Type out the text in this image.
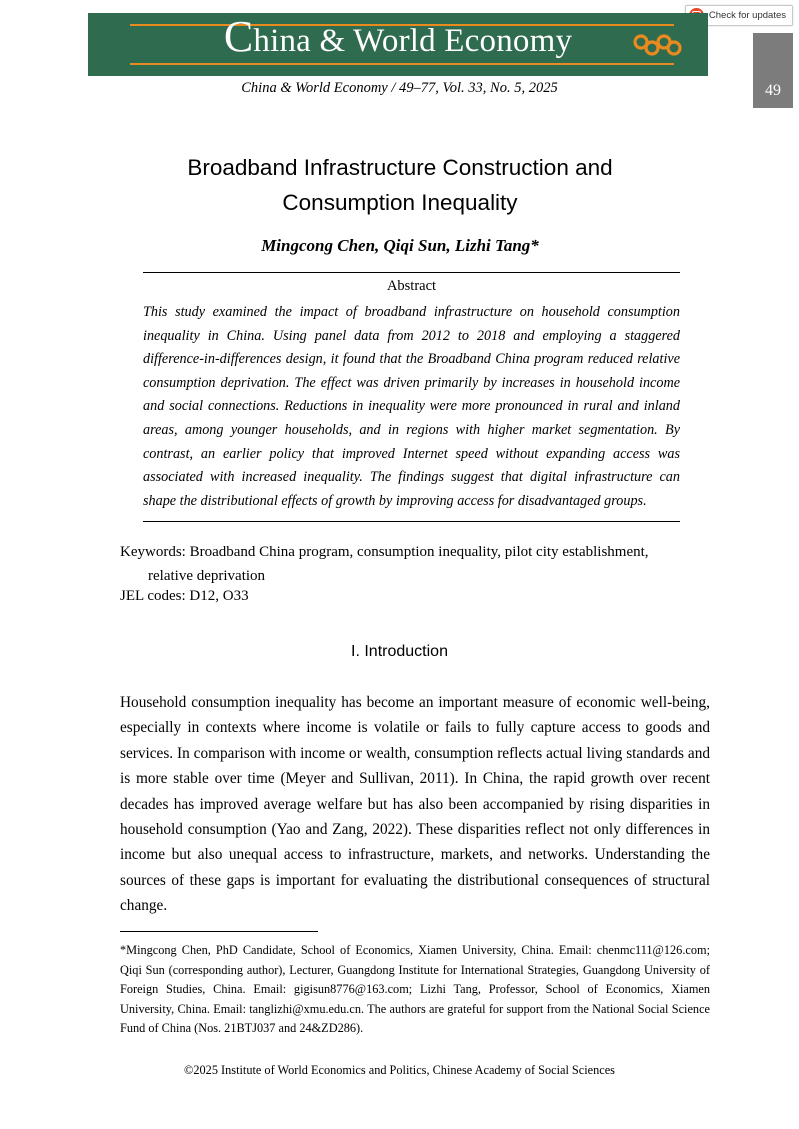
Check for updates
China & World Economy
49
China & World Economy / 49–77, Vol. 33, No. 5, 2025
Broadband Infrastructure Construction and
Consumption Inequality
Mingcong Chen, Qiqi Sun, Lizhi Tang*
Abstract

This study examined the impact of broadband infrastructure on household consumption inequality in China. Using panel data from 2012 to 2018 and employing a staggered difference-in-differences design, it found that the Broadband China program reduced relative consumption deprivation. The effect was driven primarily by increases in household income and social connections. Reductions in inequality were more pronounced in rural and inland areas, among younger households, and in regions with higher market segmentation. By contrast, an earlier policy that improved Internet speed without expanding access was associated with increased inequality. The findings suggest that digital infrastructure can shape the distributional effects of growth by improving access for disadvantaged groups.

Keywords: Broadband China program, consumption inequality, pilot city establishment,
relative deprivation
JEL codes: D12, O33
I. Introduction
Household consumption inequality has become an important measure of economic well-being, especially in contexts where income is volatile or fails to fully capture access to goods and services. In comparison with income or wealth, consumption reflects actual living standards and is more stable over time (Meyer and Sullivan, 2011). In China, the rapid growth over recent decades has improved average welfare but has also been accompanied by rising disparities in household consumption (Yao and Zang, 2022). These disparities reflect not only differences in income but also unequal access to infrastructure, markets, and networks. Understanding the sources of these gaps is important for evaluating the distributional consequences of structural change.
*Mingcong Chen, PhD Candidate, School of Economics, Xiamen University, China. Email: chenmc111@126.com; Qiqi Sun (corresponding author), Lecturer, Guangdong Institute for International Strategies, Guangdong University of Foreign Studies, China. Email: gigisun8776@163.com; Lizhi Tang, Professor, School of Economics, Xiamen University, China. Email: tanglizhi@xmu.edu.cn. The authors are grateful for support from the National Social Science Fund of China (Nos. 21BTJ037 and 24&ZD286).
©2025 Institute of World Economics and Politics, Chinese Academy of Social Sciences
